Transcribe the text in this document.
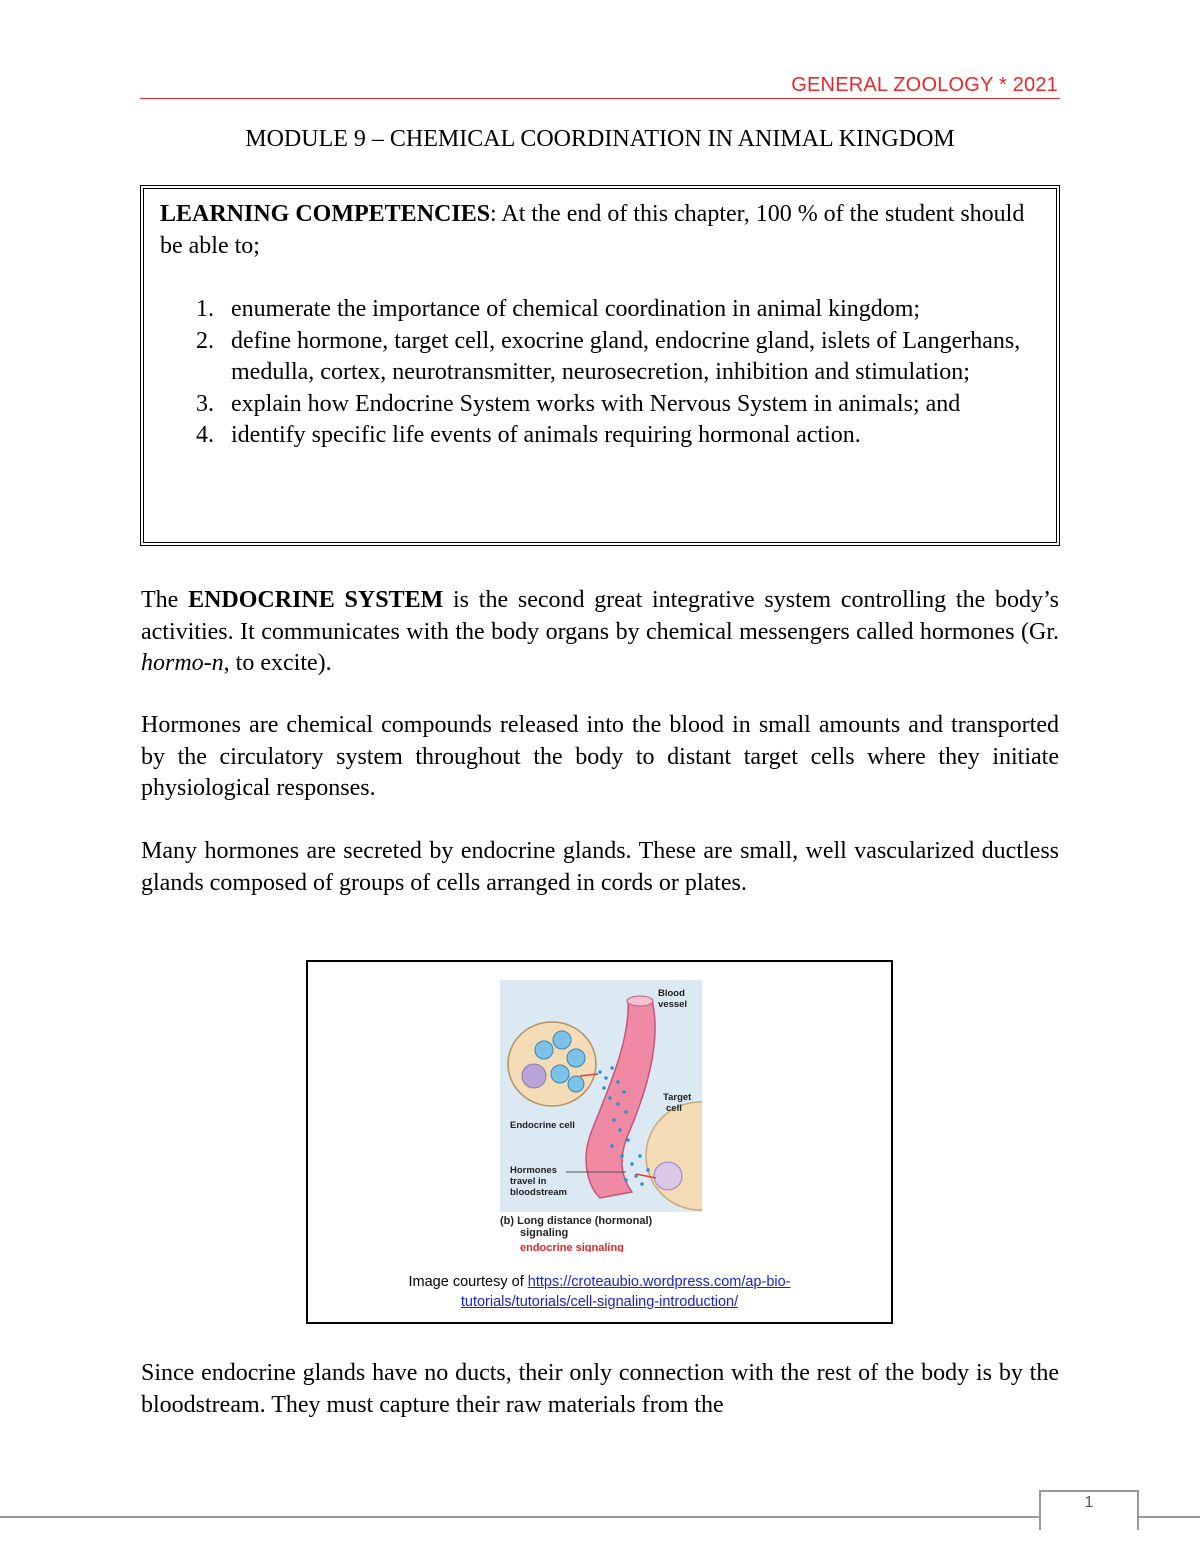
GENERAL ZOOLOGY * 2021
MODULE 9 – CHEMICAL COORDINATION IN ANIMAL KINGDOM
LEARNING COMPETENCIES: At the end of this chapter, 100 % of the student should be able to;
1. enumerate the importance of chemical coordination in animal kingdom;
2. define hormone, target cell, exocrine gland, endocrine gland, islets of Langerhans, medulla, cortex, neurotransmitter, neurosecretion, inhibition and stimulation;
3. explain how Endocrine System works with Nervous System in animals; and
4. identify specific life events of animals requiring hormonal action.
The ENDOCRINE SYSTEM is the second great integrative system controlling the body’s activities. It communicates with the body organs by chemical messengers called hormones (Gr. hormo-n, to excite).
Hormones are chemical compounds released into the blood in small amounts and transported by the circulatory system throughout the body to distant target cells where they initiate physiological responses.
Many hormones are secreted by endocrine glands. These are small, well vascularized ductless glands composed of groups of cells arranged in cords or plates.
Blood
vessel
Target
cell
Endocrine cell
Hormones
travel in
bloodstream
(b) Long distance (hormonal)
signaling
endocrine signaling
Image courtesy of https://croteaubio.wordpress.com/ap-bio-
tutorials/tutorials/cell-signaling-introduction/
Since endocrine glands have no ducts, their only connection with the rest of the body is by the bloodstream. They must capture their raw materials from the
1
